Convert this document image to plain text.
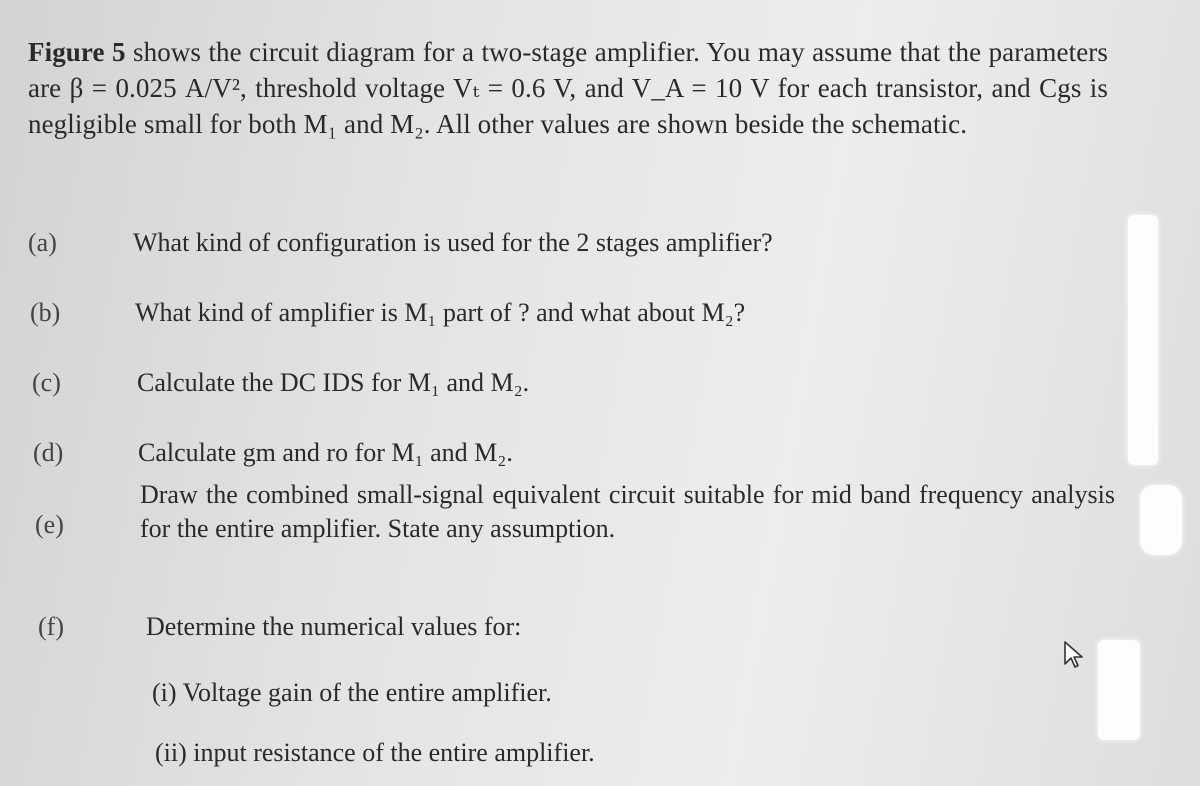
Figure 5 shows the circuit diagram for a two-stage amplifier. You may assume that the parameters are β = 0.025 A/V², threshold voltage Vₜ = 0.6 V, and V_A = 10 V for each transistor, and Cgs is negligible small for both M₁ and M₂. All other values are shown beside the schematic.
(a)	What kind of configuration is used for the 2 stages amplifier?
(b)	What kind of amplifier is M₁ part of ? and what about M₂?
(c)	Calculate the DC IDS for M₁ and M₂.
(d)	Calculate gm and ro for M₁ and M₂.
(e)
Draw the combined small-signal equivalent circuit suitable for mid band frequency analysis for the entire amplifier. State any assumption.
(f)	Determine the numerical values for:
(i) Voltage gain of the entire amplifier.
(ii) input resistance of the entire amplifier.
